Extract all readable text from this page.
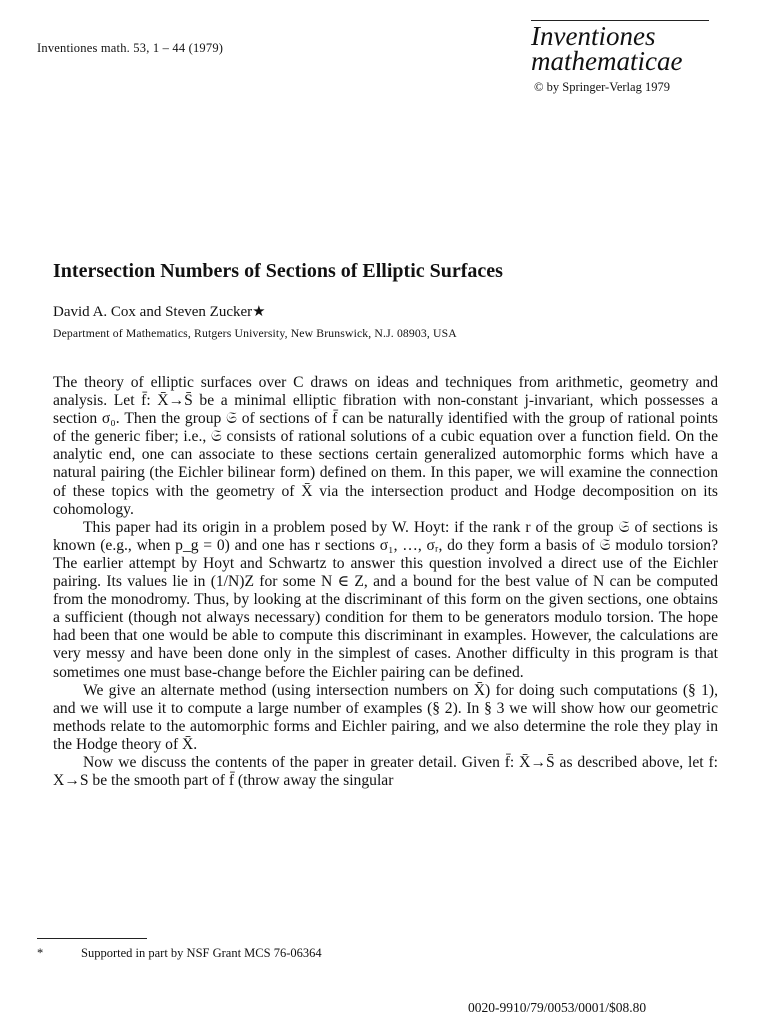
Inventiones math. 53, 1 – 44 (1979)	Inventiones
mathematicae
© by Springer-Verlag 1979
Intersection Numbers of Sections of Elliptic Surfaces
David A. Cox and Steven Zucker★
Department of Mathematics, Rutgers University, New Brunswick, N.J. 08903, USA

The theory of elliptic surfaces over C draws on ideas and techniques from arithmetic, geometry and analysis. Let f̄: X̄→S̄ be a minimal elliptic fibration with non-constant j-invariant, which possesses a section σ₀. Then the group 𝔖 of sections of f̄ can be naturally identified with the group of rational points of the generic fiber; i.e., 𝔖 consists of rational solutions of a cubic equation over a function field. On the analytic end, one can associate to these sections certain generalized automorphic forms which have a natural pairing (the Eichler bilinear form) defined on them. In this paper, we will examine the connection of these topics with the geometry of X̄ via the intersection product and Hodge decomposition on its cohomology.

This paper had its origin in a problem posed by W. Hoyt: if the rank r of the group 𝔖 of sections is known (e.g., when p_g = 0) and one has r sections σ₁, …, σᵣ, do they form a basis of 𝔖 modulo torsion? The earlier attempt by Hoyt and Schwartz to answer this question involved a direct use of the Eichler pairing. Its values lie in (1/N)Z for some N ∈ Z, and a bound for the best value of N can be computed from the monodromy. Thus, by looking at the discriminant of this form on the given sections, one obtains a sufficient (though not always necessary) condition for them to be generators modulo torsion. The hope had been that one would be able to compute this discriminant in examples. However, the calculations are very messy and have been done only in the simplest of cases. Another difficulty in this program is that sometimes one must base-change before the Eichler pairing can be defined.

We give an alternate method (using intersection numbers on X̄) for doing such computations (§ 1), and we will use it to compute a large number of examples (§ 2). In § 3 we will show how our geometric methods relate to the automorphic forms and Eichler pairing, and we also determine the role they play in the Hodge theory of X̄.

Now we discuss the contents of the paper in greater detail. Given f̄: X̄→S̄ as described above, let f: X→S be the smooth part of f̄ (throw away the singular

*	Supported in part by NSF Grant MCS 76-06364
0020-9910/79/0053/0001/$08.80
